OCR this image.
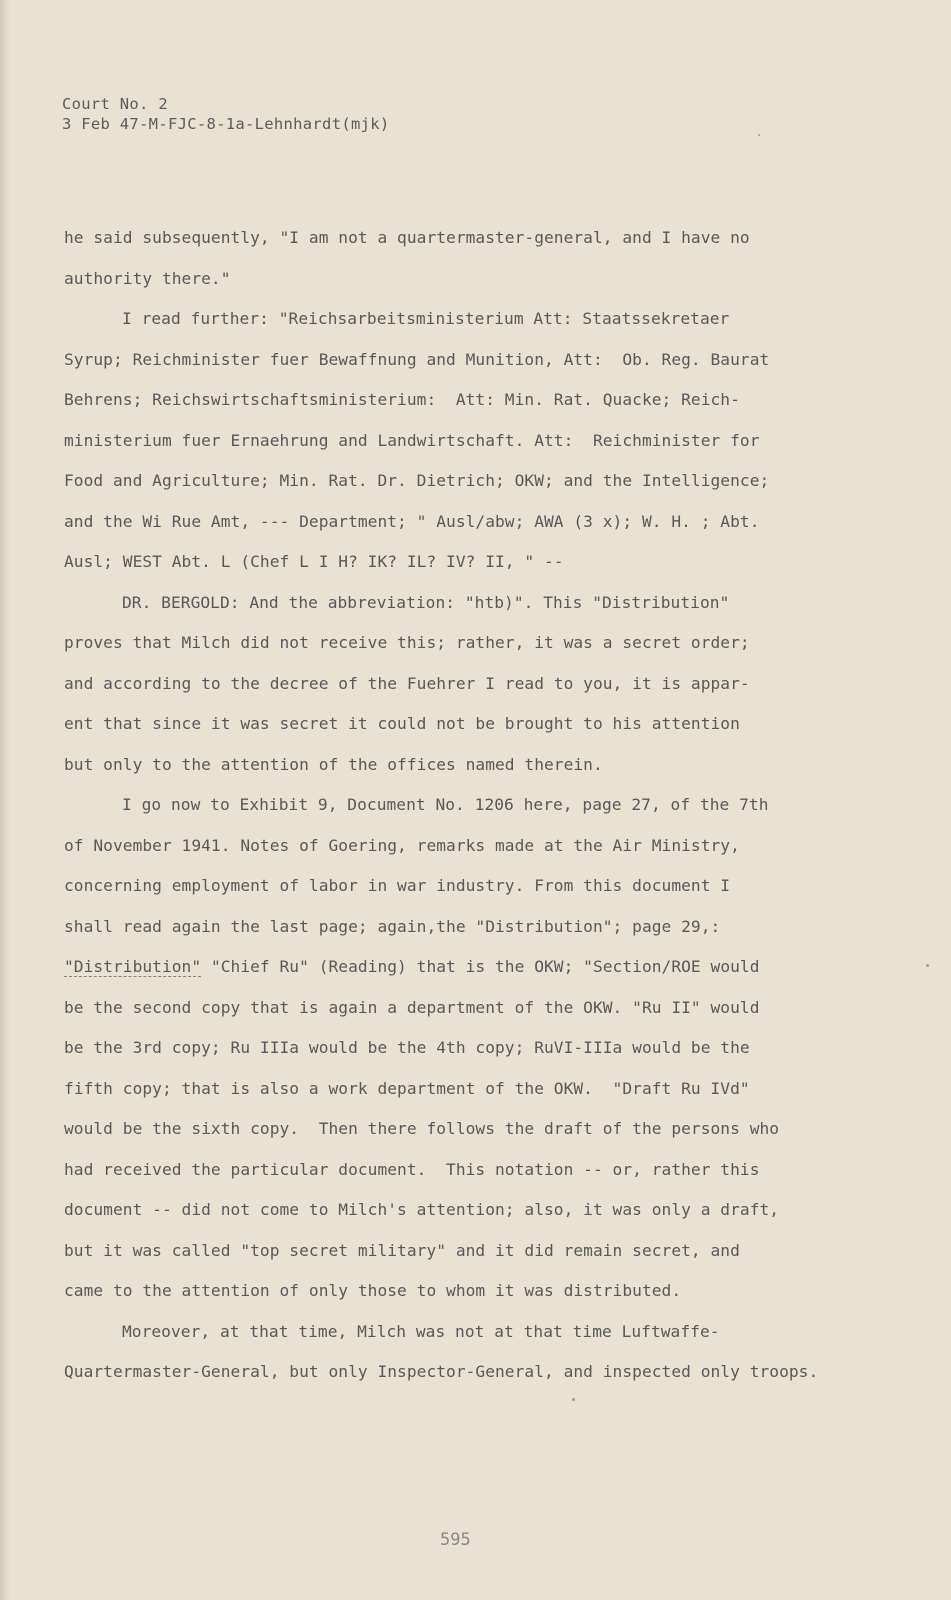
Court No. 2
3 Feb 47-M-FJC-8-1a-Lehnhardt(mjk)
he said subsequently, "I am not a quartermaster-general, and I have no
authority there."
I read further: "Reichsarbeitsministerium Att: Staatssekretaer
Syrup; Reichminister fuer Bewaffnung and Munition, Att:  Ob. Reg. Baurat
Behrens; Reichswirtschaftsministerium:  Att: Min. Rat. Quacke; Reich-
ministerium fuer Ernaehrung and Landwirtschaft. Att:  Reichminister for
Food and Agriculture; Min. Rat. Dr. Dietrich; OKW; and the Intelligence;
and the Wi Rue Amt, --- Department; " Ausl/abw; AWA (3 x); W. H. ; Abt.
Ausl; WEST Abt. L (Chef L I H? IK? IL? IV? II, " --
DR. BERGOLD: And the abbreviation: "htb)". This "Distribution"
proves that Milch did not receive this; rather, it was a secret order;
and according to the decree of the Fuehrer I read to you, it is appar-
ent that since it was secret it could not be brought to his attention
but only to the attention of the offices named therein.
I go now to Exhibit 9, Document No. 1206 here, page 27, of the 7th
of November 1941. Notes of Goering, remarks made at the Air Ministry,
concerning employment of labor in war industry. From this document I
shall read again the last page; again,the "Distribution"; page 29,:
"Distribution" "Chief Ru" (Reading) that is the OKW; "Section/ROE would
be the second copy that is again a department of the OKW. "Ru II" would
be the 3rd copy; Ru IIIa would be the 4th copy; RuVI-IIIa would be the
fifth copy; that is also a work department of the OKW.  "Draft Ru IVd"
would be the sixth copy.  Then there follows the draft of the persons who
had received the particular document.  This notation -- or, rather this
document -- did not come to Milch's attention; also, it was only a draft,
but it was called "top secret military" and it did remain secret, and
came to the attention of only those to whom it was distributed.
Moreover, at that time, Milch was not at that time Luftwaffe-
Quartermaster-General, but only Inspector-General, and inspected only troops.
595
